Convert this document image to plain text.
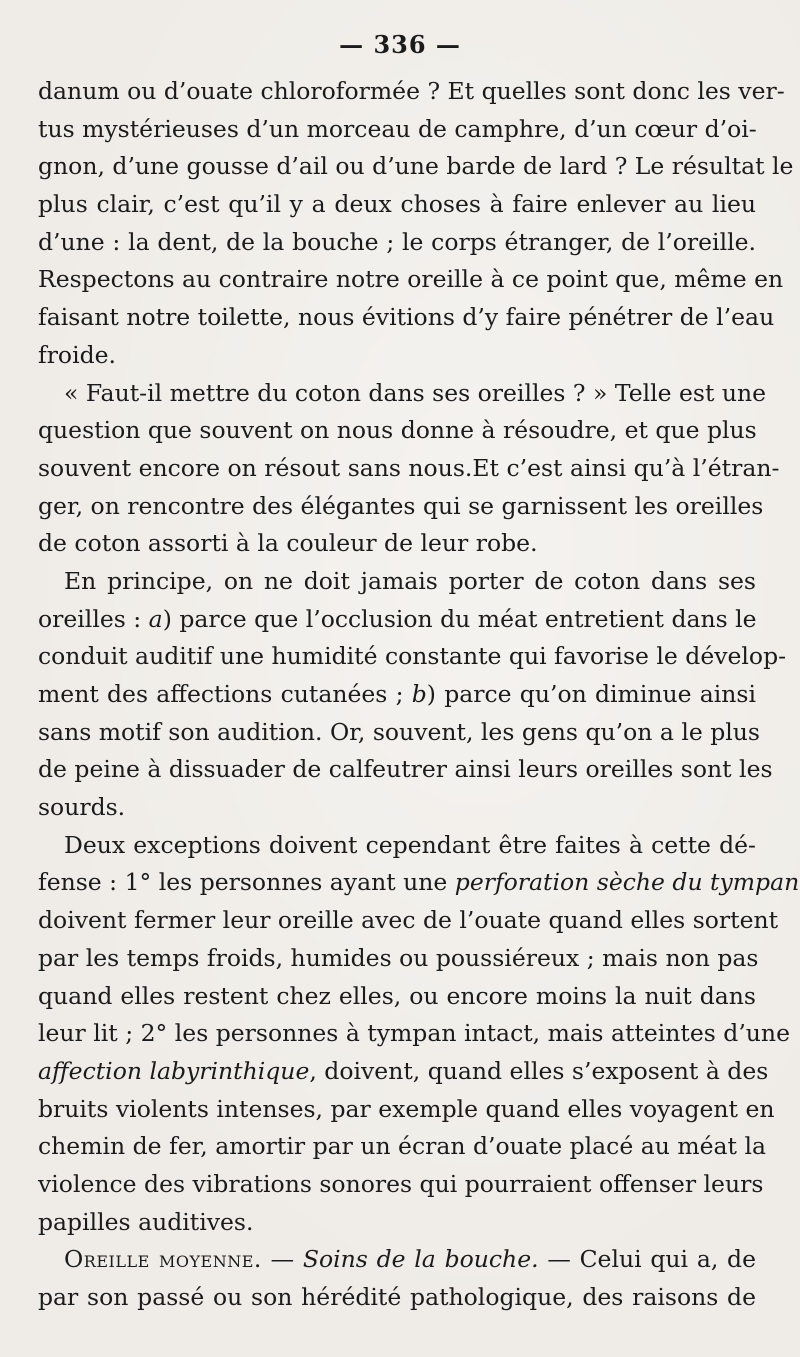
— 336 —
danum ou d’ouate chloroformée ? Et quelles sont donc les ver-
tus mystérieuses d’un morceau de camphre, d’un cœur d’oi-
gnon, d’une gousse d’ail ou d’une barde de lard ? Le résultat le
plus clair, c’est qu’il y a deux choses à faire enlever au lieu
d’une : la dent, de la bouche ; le corps étranger, de l’oreille.
Respectons au contraire notre oreille à ce point que, même en
faisant notre toilette, nous évitions d’y faire pénétrer de l’eau
froide.
« Faut-il mettre du coton dans ses oreilles ? » Telle est une
question que souvent on nous donne à résoudre, et que plus
souvent encore on résout sans nous.Et c’est ainsi qu’à l’étran-
ger, on rencontre des élégantes qui se garnissent les oreilles
de coton assorti à la couleur de leur robe.
En principe, on ne doit jamais porter de coton dans ses
oreilles : a) parce que l’occlusion du méat entretient dans le
conduit auditif une humidité constante qui favorise le dévelop-
ment des affections cutanées ; b) parce qu’on diminue ainsi
sans motif son audition. Or, souvent, les gens qu’on a le plus
de peine à dissuader de calfeutrer ainsi leurs oreilles sont les
sourds.
Deux exceptions doivent cependant être faites à cette dé-
fense : 1° les personnes ayant une perforation sèche du tympan
doivent fermer leur oreille avec de l’ouate quand elles sortent
par les temps froids, humides ou poussiéreux ; mais non pas
quand elles restent chez elles, ou encore moins la nuit dans
leur lit ; 2° les personnes à tympan intact, mais atteintes d’une
affection labyrinthique, doivent, quand elles s’exposent à des
bruits violents intenses, par exemple quand elles voyagent en
chemin de fer, amortir par un écran d’ouate placé au méat la
violence des vibrations sonores qui pourraient offenser leurs
papilles auditives.
Oreille moyenne. — Soins de la bouche. — Celui qui a, de
par son passé ou son hérédité pathologique, des raisons de
